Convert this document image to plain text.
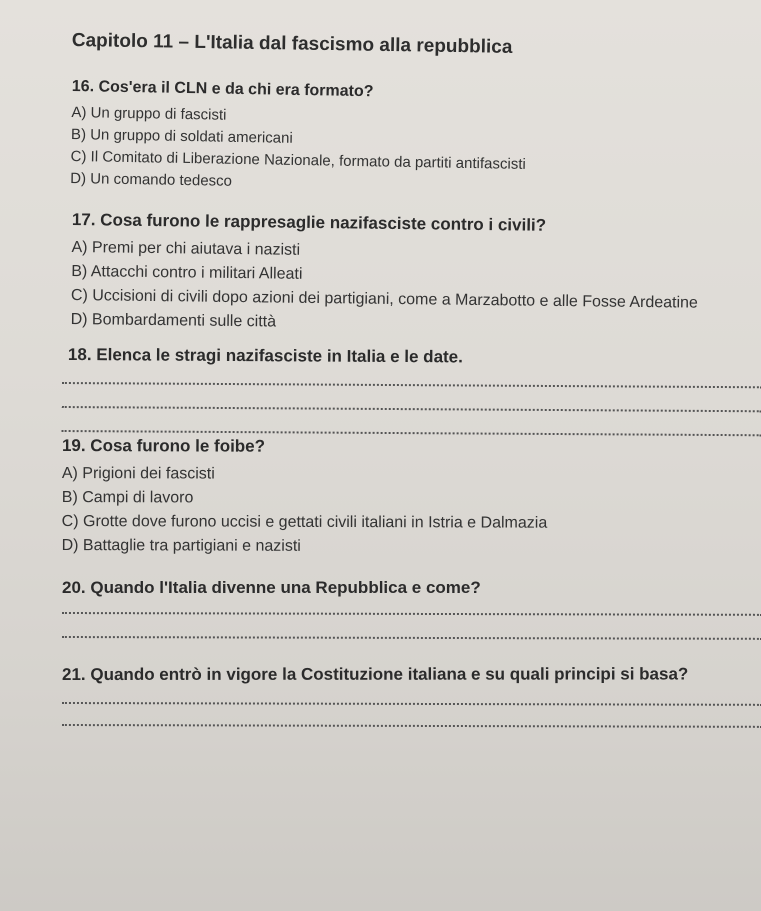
Capitolo 11 – L'Italia dal fascismo alla repubblica
16. Cos'era il CLN e da chi era formato?
A) Un gruppo di fascisti
B) Un gruppo di soldati americani
C) Il Comitato di Liberazione Nazionale, formato da partiti antifascisti
D) Un comando tedesco
17. Cosa furono le rappresaglie nazifasciste contro i civili?
A) Premi per chi aiutava i nazisti
B) Attacchi contro i militari Alleati
C) Uccisioni di civili dopo azioni dei partigiani, come a Marzabotto e alle Fosse Ardeatine
D) Bombardamenti sulle città
18. Elenca le stragi nazifasciste in Italia e le date.
19. Cosa furono le foibe?
A) Prigioni dei fascisti
B) Campi di lavoro
C) Grotte dove furono uccisi e gettati civili italiani in Istria e Dalmazia
D) Battaglie tra partigiani e nazisti
20. Quando l'Italia divenne una Repubblica e come?
21. Quando entrò in vigore la Costituzione italiana e su quali principi si basa?
